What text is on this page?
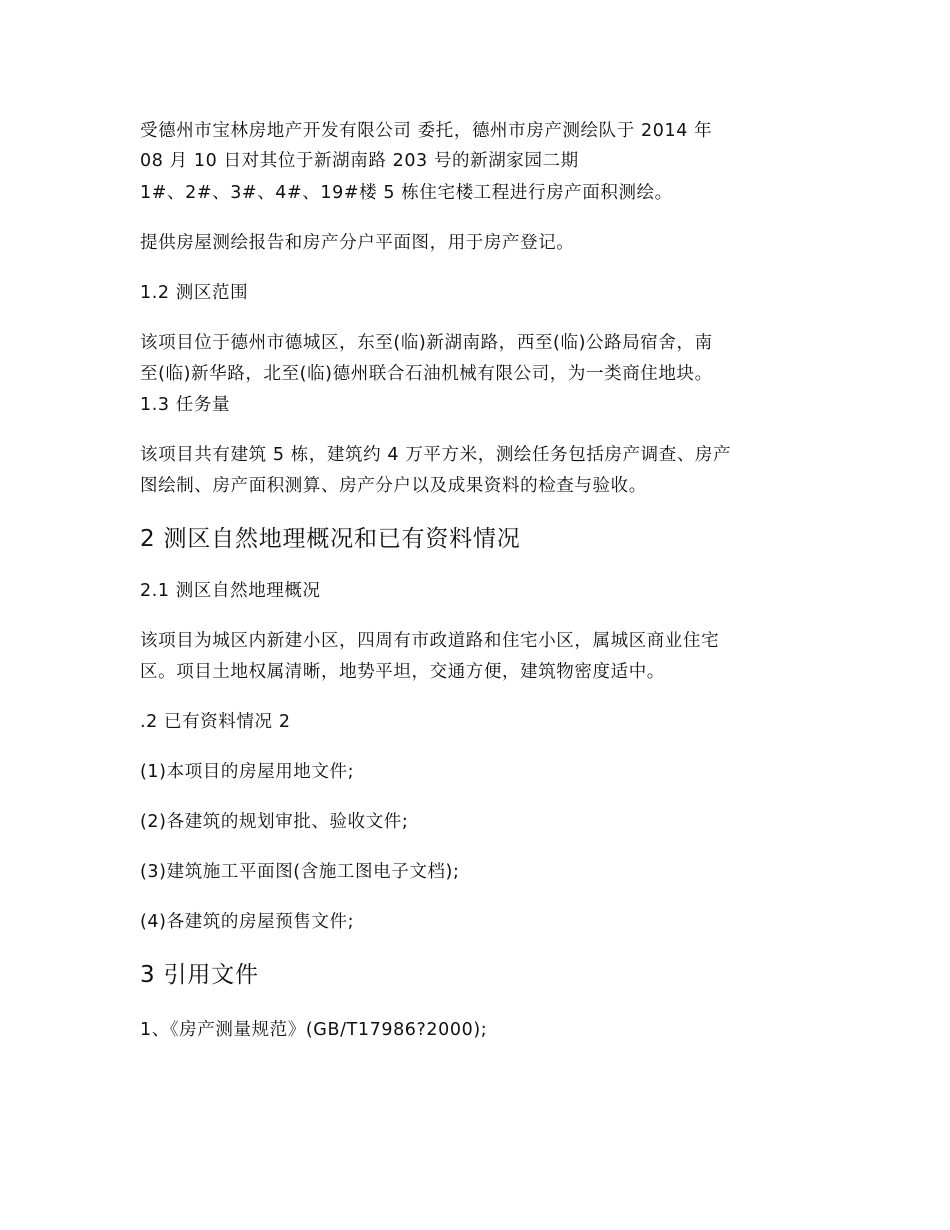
受德州市宝林房地产开发有限公司 委托，德州市房产测绘队于 2014 年
08 月 10 日对其位于新湖南路 203 号的新湖家园二期
1#、2#、3#、4#、19#楼 5 栋住宅楼工程进行房产面积测绘。
提供房屋测绘报告和房产分户平面图，用于房产登记。
1.2 测区范围
该项目位于德州市德城区，东至(临)新湖南路，西至(临)公路局宿舍，南
至(临)新华路，北至(临)德州联合石油机械有限公司，为一类商住地块。
1.3 任务量
该项目共有建筑 5 栋，建筑约 4 万平方米，测绘任务包括房产调查、房产
图绘制、房产面积测算、房产分户以及成果资料的检查与验收。
2 测区自然地理概况和已有资料情况
2.1 测区自然地理概况
该项目为城区内新建小区，四周有市政道路和住宅小区，属城区商业住宅
区。项目土地权属清晰，地势平坦，交通方便，建筑物密度适中。
.2 已有资料情况 2
(1)本项目的房屋用地文件;
(2)各建筑的规划审批、验收文件;
(3)建筑施工平面图(含施工图电子文档);
(4)各建筑的房屋预售文件;
3 引用文件
1、《房产测量规范》(GB/T17986?2000);
